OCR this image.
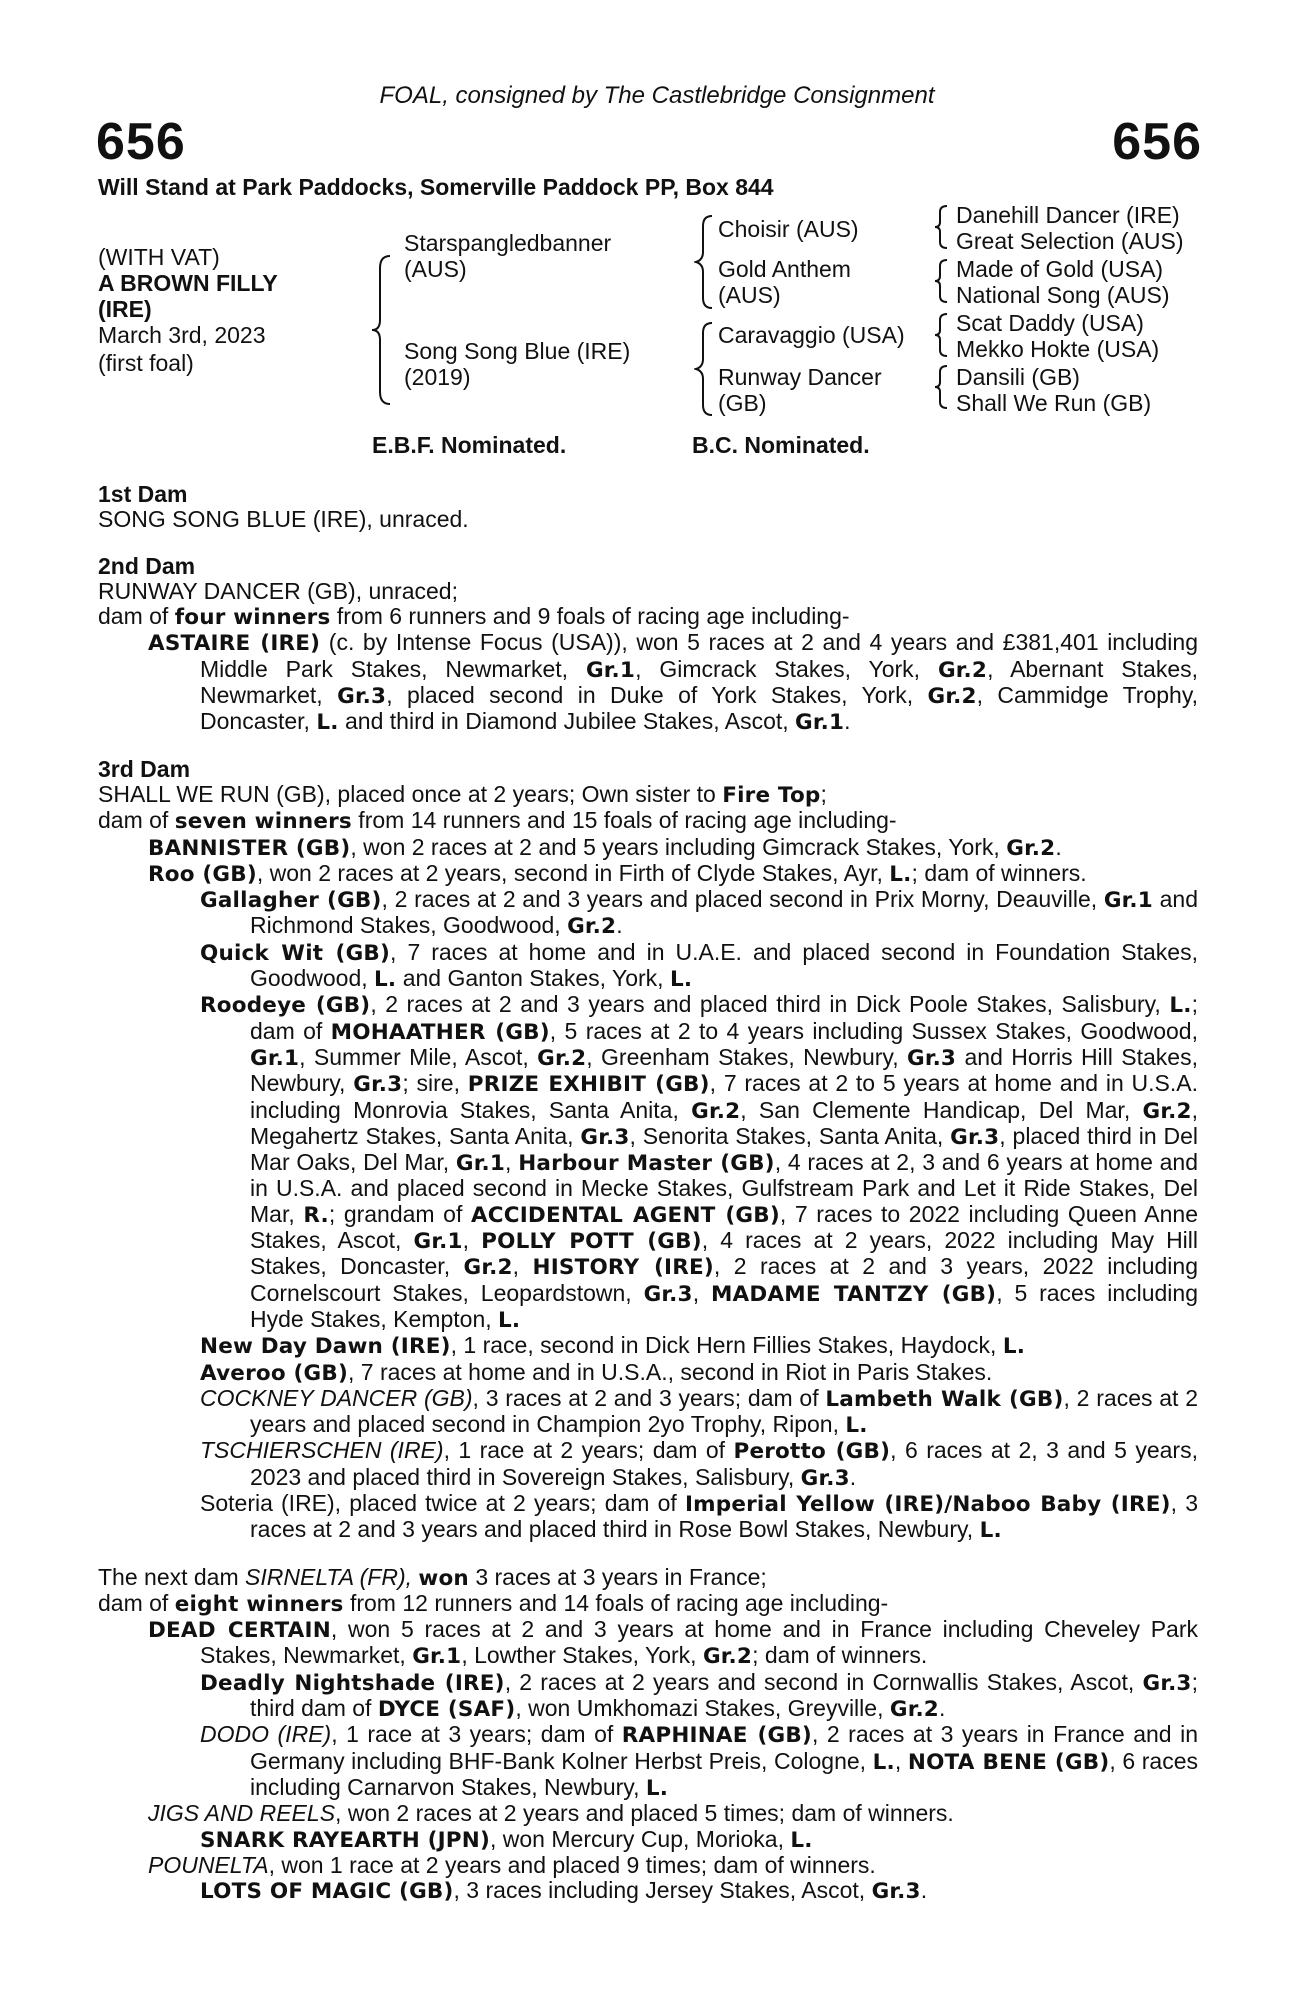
FOAL, consigned by The Castlebridge Consignment
656	656
Will Stand at Park Paddocks, Somerville Paddock PP, Box 844
(WITH VAT)
A BROWN FILLY
(IRE)
March 3rd, 2023
(first foal)
Starspangledbanner
(AUS)
Song Song Blue (IRE)
(2019)
Choisir (AUS)
Gold Anthem
(AUS)
Caravaggio (USA)
Runway Dancer
(GB)
Danehill Dancer (IRE)
Great Selection (AUS)
Made of Gold (USA)
National Song (AUS)
Scat Daddy (USA)
Mekko Hokte (USA)
Dansili (GB)
Shall We Run (GB)
E.B.F. Nominated.	B.C. Nominated.

1st Dam

SONG SONG BLUE (IRE), unraced.

2nd Dam

RUNWAY DANCER (GB), unraced;

dam of four winners from 6 runners and 9 foals of racing age including-

ASTAIRE (IRE) (c. by Intense Focus (USA)), won 5 races at 2 and 4 years and £381,401 including Middle Park Stakes, Newmarket, Gr.1, Gimcrack Stakes, York, Gr.2, Abernant Stakes, Newmarket, Gr.3, placed second in Duke of York Stakes, York, Gr.2, Cammidge Trophy, Doncaster, L. and third in Diamond Jubilee Stakes, Ascot, Gr.1.

3rd Dam

SHALL WE RUN (GB), placed once at 2 years; Own sister to Fire Top;

dam of seven winners from 14 runners and 15 foals of racing age including-

BANNISTER (GB), won 2 races at 2 and 5 years including Gimcrack Stakes, York, Gr.2.

Roo (GB), won 2 races at 2 years, second in Firth of Clyde Stakes, Ayr, L.; dam of winners.

Gallagher (GB), 2 races at 2 and 3 years and placed second in Prix Morny, Deauville, Gr.1 and Richmond Stakes, Goodwood, Gr.2.

Quick Wit (GB), 7 races at home and in U.A.E. and placed second in Foundation Stakes, Goodwood, L. and Ganton Stakes, York, L.

Roodeye (GB), 2 races at 2 and 3 years and placed third in Dick Poole Stakes, Salisbury, L.; dam of MOHAATHER (GB), 5 races at 2 to 4 years including Sussex Stakes, Goodwood, Gr.1, Summer Mile, Ascot, Gr.2, Greenham Stakes, Newbury, Gr.3 and Horris Hill Stakes, Newbury, Gr.3; sire, PRIZE EXHIBIT (GB), 7 races at 2 to 5 years at home and in U.S.A. including Monrovia Stakes, Santa Anita, Gr.2, San Clemente Handicap, Del Mar, Gr.2, Megahertz Stakes, Santa Anita, Gr.3, Senorita Stakes, Santa Anita, Gr.3, placed third in Del Mar Oaks, Del Mar, Gr.1, Harbour Master (GB), 4 races at 2, 3 and 6 years at home and in U.S.A. and placed second in Mecke Stakes, Gulfstream Park and Let it Ride Stakes, Del Mar, R.; grandam of ACCIDENTAL AGENT (GB), 7 races to 2022 including Queen Anne Stakes, Ascot, Gr.1, POLLY POTT (GB), 4 races at 2 years, 2022 including May Hill Stakes, Doncaster, Gr.2, HISTORY (IRE), 2 races at 2 and 3 years, 2022 including Cornelscourt Stakes, Leopardstown, Gr.3, MADAME TANTZY (GB), 5 races including Hyde Stakes, Kempton, L.

New Day Dawn (IRE), 1 race, second in Dick Hern Fillies Stakes, Haydock, L.

Averoo (GB), 7 races at home and in U.S.A., second in Riot in Paris Stakes.

COCKNEY DANCER (GB), 3 races at 2 and 3 years; dam of Lambeth Walk (GB), 2 races at 2 years and placed second in Champion 2yo Trophy, Ripon, L.

TSCHIERSCHEN (IRE), 1 race at 2 years; dam of Perotto (GB), 6 races at 2, 3 and 5 years, 2023 and placed third in Sovereign Stakes, Salisbury, Gr.3.

Soteria (IRE), placed twice at 2 years; dam of Imperial Yellow (IRE)/Naboo Baby (IRE), 3 races at 2 and 3 years and placed third in Rose Bowl Stakes, Newbury, L.

The next dam SIRNELTA (FR), won 3 races at 3 years in France;

dam of eight winners from 12 runners and 14 foals of racing age including-

DEAD CERTAIN, won 5 races at 2 and 3 years at home and in France including Cheveley Park Stakes, Newmarket, Gr.1, Lowther Stakes, York, Gr.2; dam of winners.

Deadly Nightshade (IRE), 2 races at 2 years and second in Cornwallis Stakes, Ascot, Gr.3; third dam of DYCE (SAF), won Umkhomazi Stakes, Greyville, Gr.2.

DODO (IRE), 1 race at 3 years; dam of RAPHINAE (GB), 2 races at 3 years in France and in Germany including BHF-Bank Kolner Herbst Preis, Cologne, L., NOTA BENE (GB), 6 races including Carnarvon Stakes, Newbury, L.

JIGS AND REELS, won 2 races at 2 years and placed 5 times; dam of winners.

SNARK RAYEARTH (JPN), won Mercury Cup, Morioka, L.

POUNELTA, won 1 race at 2 years and placed 9 times; dam of winners.

LOTS OF MAGIC (GB), 3 races including Jersey Stakes, Ascot, Gr.3.
